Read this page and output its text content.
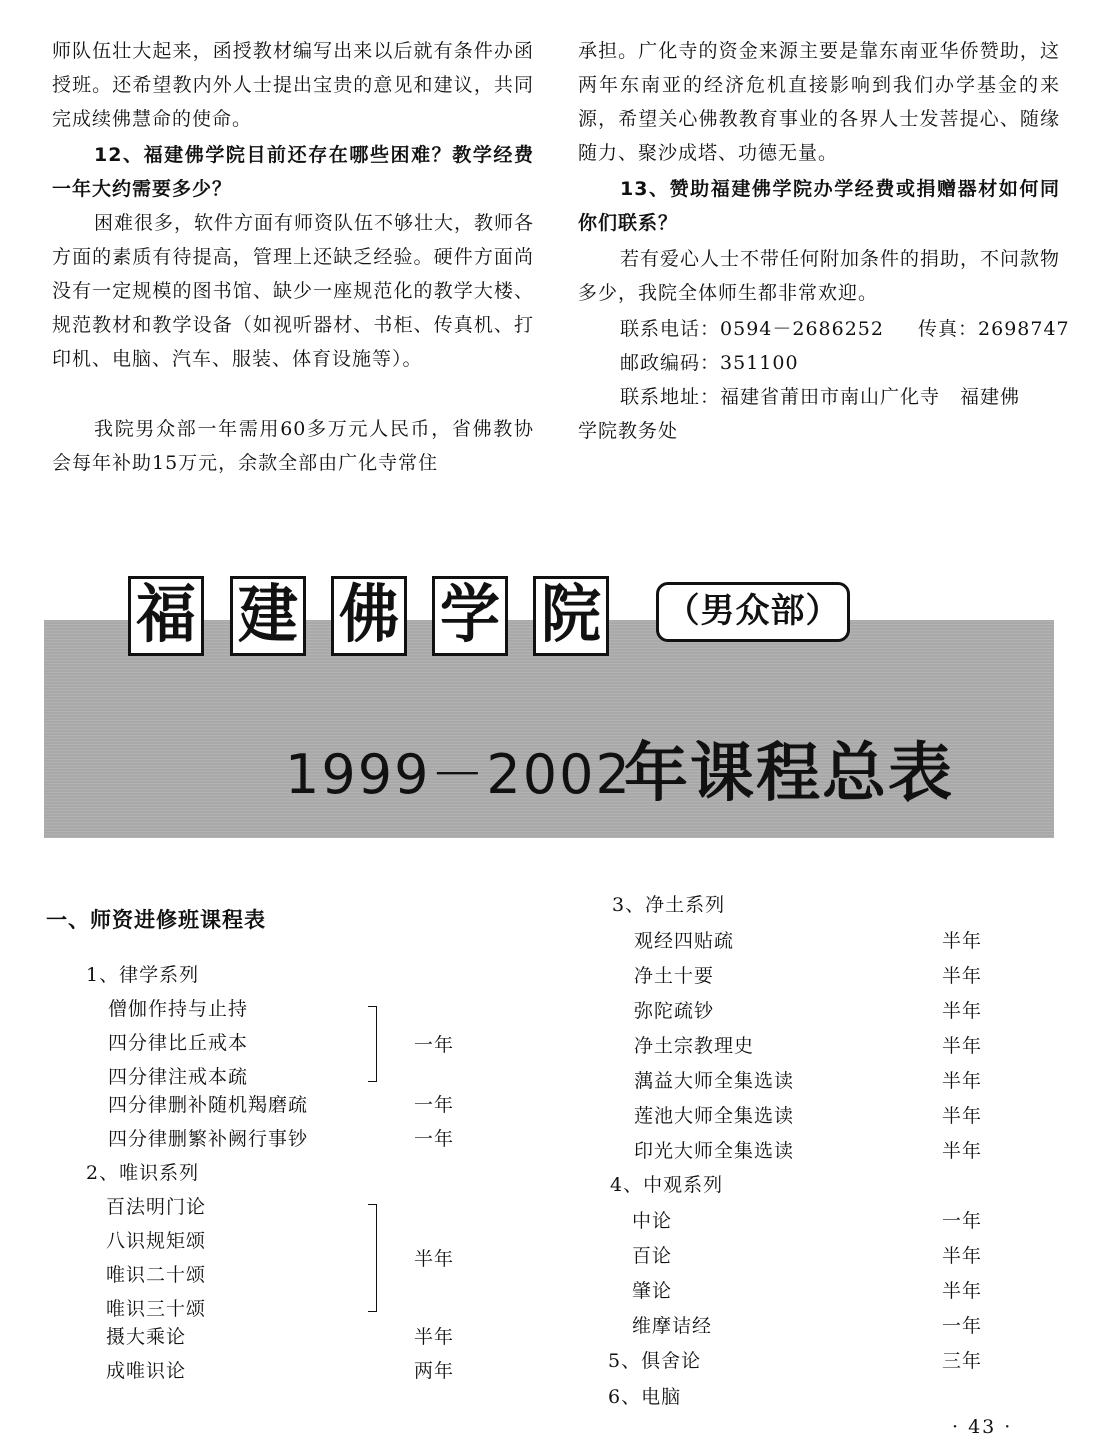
师队伍壮大起来，函授教材编写出来以后就有条件办函授班。还希望教内外人士提出宝贵的意见和建议，共同完成续佛慧命的使命。

12、福建佛学院目前还存在哪些困难？教学经费一年大约需要多少？

困难很多，软件方面有师资队伍不够壮大，教师各方面的素质有待提高，管理上还缺乏经验。硬件方面尚没有一定规模的图书馆、缺少一座规范化的教学大楼、规范教材和教学设备（如视听器材、书柜、传真机、打印机、电脑、汽车、服装、体育设施等）。

我院男众部一年需用60多万元人民币，省佛教协会每年补助15万元，余款全部由广化寺常住

承担。广化寺的资金来源主要是靠东南亚华侨赞助，这两年东南亚的经济危机直接影响到我们办学基金的来源，希望关心佛教教育事业的各界人士发菩提心、随缘随力、聚沙成塔、功德无量。

13、赞助福建佛学院办学经费或捐赠器材如何同你们联系？

若有爱心人士不带任何附加条件的捐助，不问款物多少，我院全体师生都非常欢迎。

联系电话：0594－2686252 传真：2698747
邮政编码：351100
联系地址：福建省莆田市南山广化寺　福建佛
学院教务处
福 建 佛 学 院 （男众部）
1999－2002
年课程总表
一、师资进修班课程表
1、律学系列
僧伽作持与止持
四分律比丘戒本
四分律注戒本疏
一年
四分律删补随机羯磨疏	一年
四分律删繁补阙行事钞	一年
2、唯识系列
百法明门论
八识规矩颂
唯识二十颂
唯识三十颂
半年
摄大乘论	半年
成唯识论	两年
3、净土系列
观经四贴疏	半年
净土十要	半年
弥陀疏钞	半年
净土宗教理史	半年
蕅益大师全集选读	半年
莲池大师全集选读	半年
印光大师全集选读	半年
4、中观系列
中论	一年
百论	半年
肇论	半年
维摩诘经	一年
5、俱舍论	三年
6、电脑
· 43 ·
